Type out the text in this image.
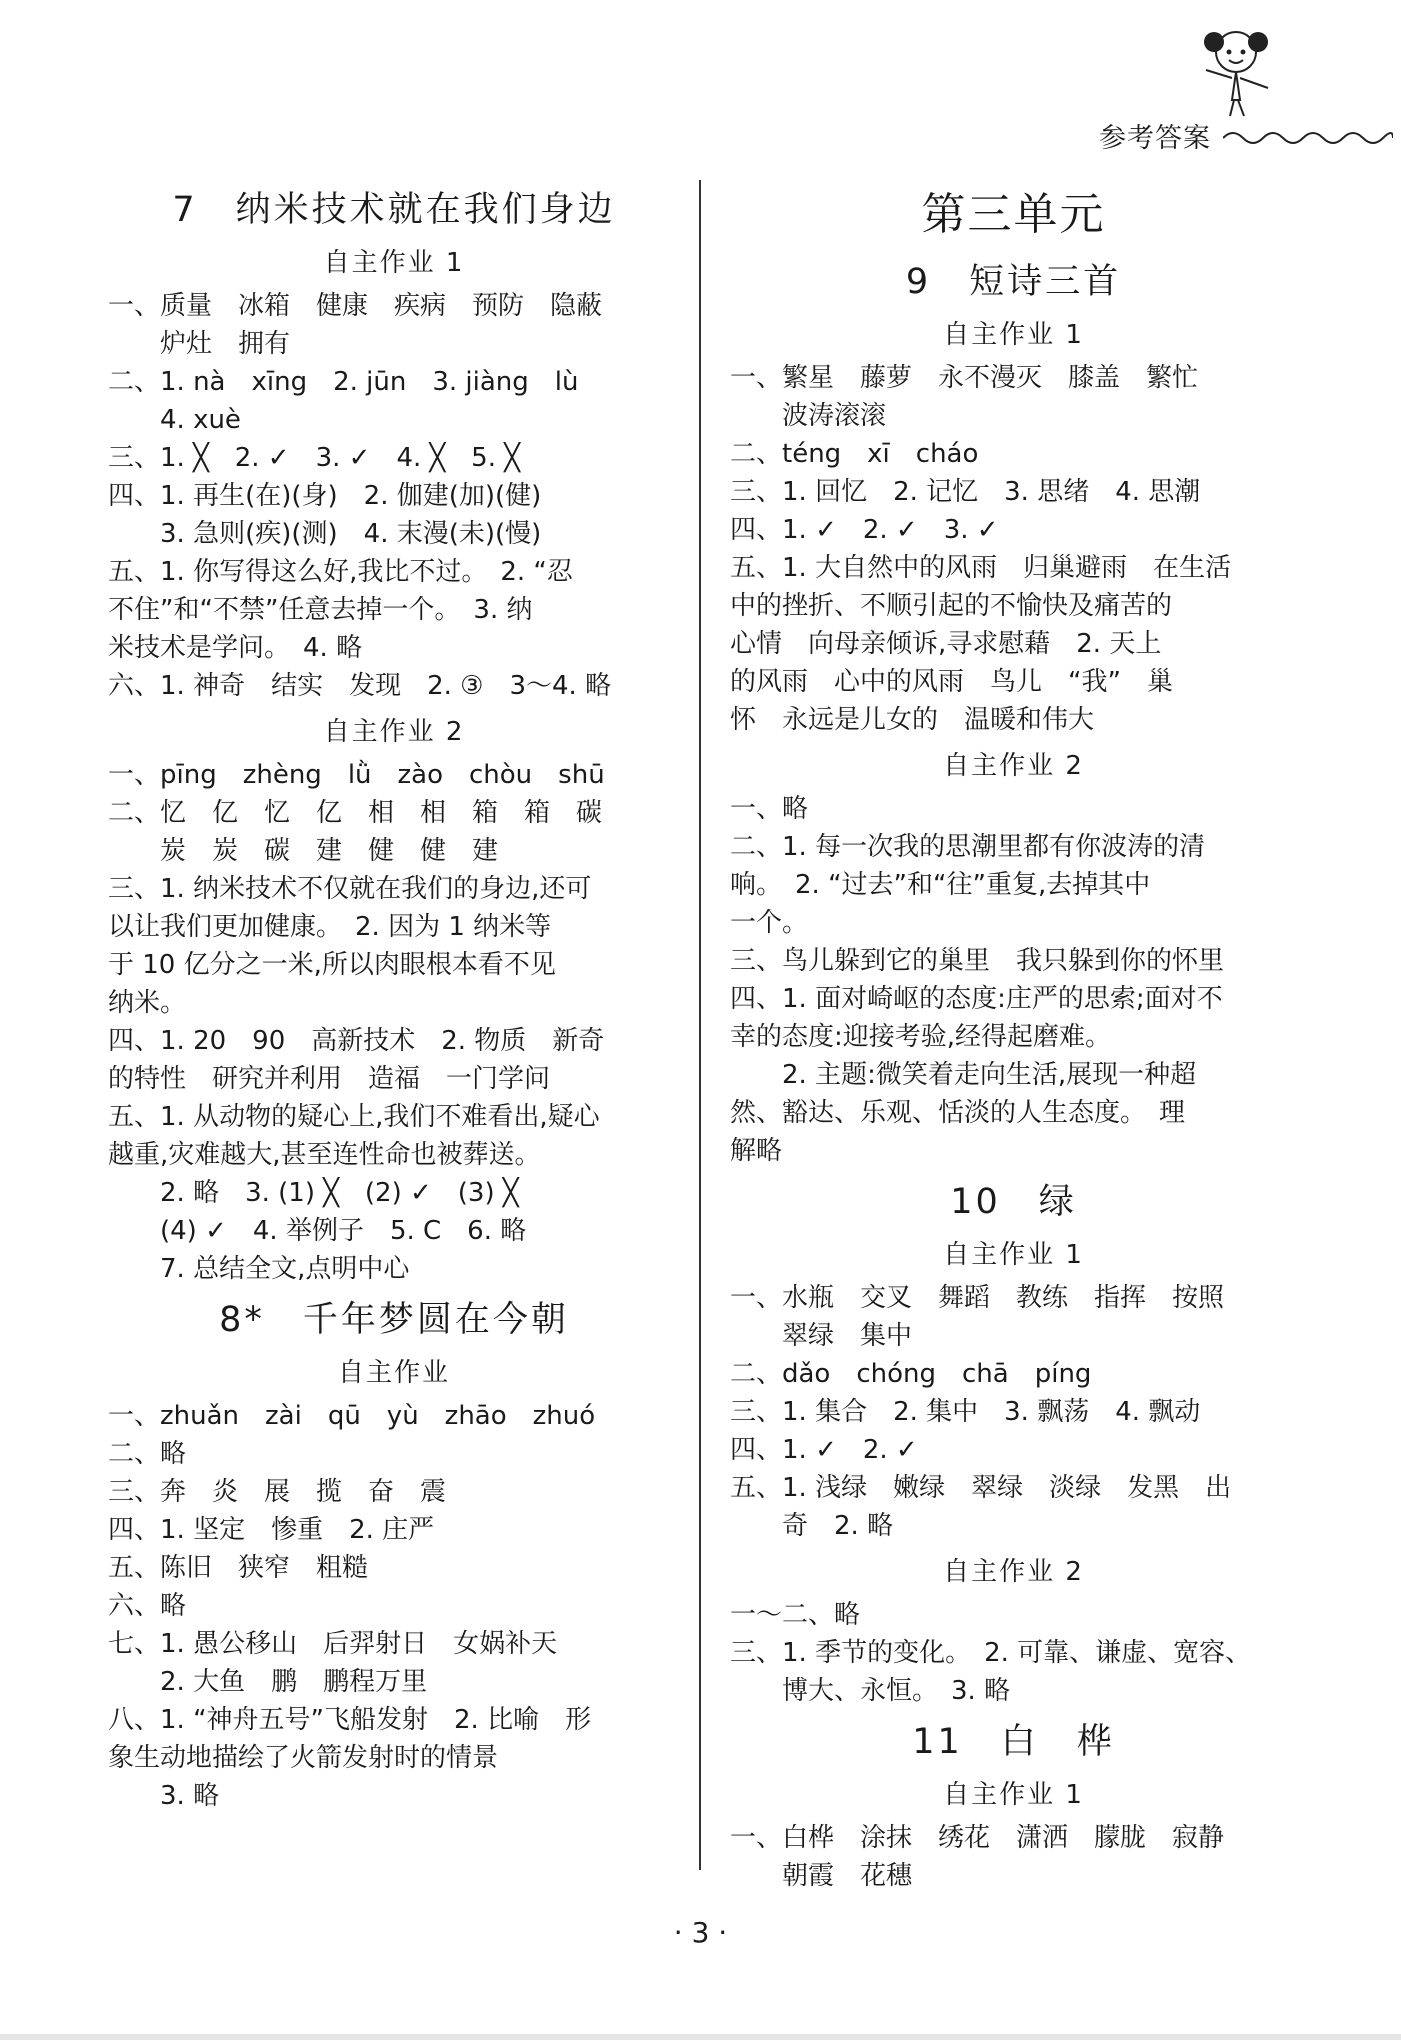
参考答案
7　纳米技术就在我们身边
自主作业 1
一、质量　冰箱　健康　疾病　预防　隐蔽
　　炉灶　拥有
二、1. nà　xīng　2. jūn　3. jiàng　lù
　　4. xuè
三、1. ╳　2. ✓　3. ✓　4. ╳　5. ╳
四、1. 再生(在)(身)　2. 伽建(加)(健)
　　3. 急则(疾)(测)　4. 末漫(未)(慢)
五、1. 你写得这么好,我比不过。　2. “忍
不住”和“不禁”任意去掉一个。　3. 纳
米技术是学问。　4. 略
六、1. 神奇　结实　发现　2. ③　3～4. 略
自主作业 2
一、pīng　zhèng　lǜ　zào　chòu　shū
二、忆　亿　忆　亿　相　相　箱　箱　碳
　　炭　炭　碳　建　健　健　建
三、1. 纳米技术不仅就在我们的身边,还可
以让我们更加健康。　2. 因为 1 纳米等
于 10 亿分之一米,所以肉眼根本看不见
纳米。
四、1. 20　90　高新技术　2. 物质　新奇
的特性　研究并利用　造福　一门学问
五、1. 从动物的疑心上,我们不难看出,疑心
越重,灾难越大,甚至连性命也被葬送。
　　2. 略　3. (1) ╳　(2) ✓　(3) ╳
　　(4) ✓　4. 举例子　5. C　6. 略
　　7. 总结全文,点明中心
8*　千年梦圆在今朝
自主作业
一、zhuǎn　zài　qū　yù　zhāo　zhuó
二、略
三、奔　炎　展　揽　奋　震
四、1. 坚定　惨重　2. 庄严
五、陈旧　狭窄　粗糙
六、略
七、1. 愚公移山　后羿射日　女娲补天
　　2. 大鱼　鹏　鹏程万里
八、1. “神舟五号”飞船发射　2. 比喻　形
象生动地描绘了火箭发射时的情景
　　3. 略
第三单元
9　短诗三首
自主作业 1
一、繁星　藤萝　永不漫灭　膝盖　繁忙
　　波涛滚滚
二、téng　xī　cháo
三、1. 回忆　2. 记忆　3. 思绪　4. 思潮
四、1. ✓　2. ✓　3. ✓
五、1. 大自然中的风雨　归巢避雨　在生活
中的挫折、不顺引起的不愉快及痛苦的
心情　向母亲倾诉,寻求慰藉　2. 天上
的风雨　心中的风雨　鸟儿　“我”　巢
怀　永远是儿女的　温暖和伟大
自主作业 2
一、略
二、1. 每一次我的思潮里都有你波涛的清
响。　2. “过去”和“往”重复,去掉其中
一个。
三、鸟儿躲到它的巢里　我只躲到你的怀里
四、1. 面对崎岖的态度:庄严的思索;面对不
幸的态度:迎接考验,经得起磨难。
　　2. 主题:微笑着走向生活,展现一种超
然、豁达、乐观、恬淡的人生态度。　理
解略
10　绿
自主作业 1
一、水瓶　交叉　舞蹈　教练　指挥　按照
　　翠绿　集中
二、dǎo　chóng　chā　píng
三、1. 集合　2. 集中　3. 飘荡　4. 飘动
四、1. ✓　2. ✓
五、1. 浅绿　嫩绿　翠绿　淡绿　发黑　出
　　奇　2. 略
自主作业 2
一～二、略
三、1. 季节的变化。　2. 可靠、谦虚、宽容、
　　博大、永恒。　3. 略
11　白　桦
自主作业 1
一、白桦　涂抹　绣花　潇洒　朦胧　寂静
　　朝霞　花穗
· 3 ·
